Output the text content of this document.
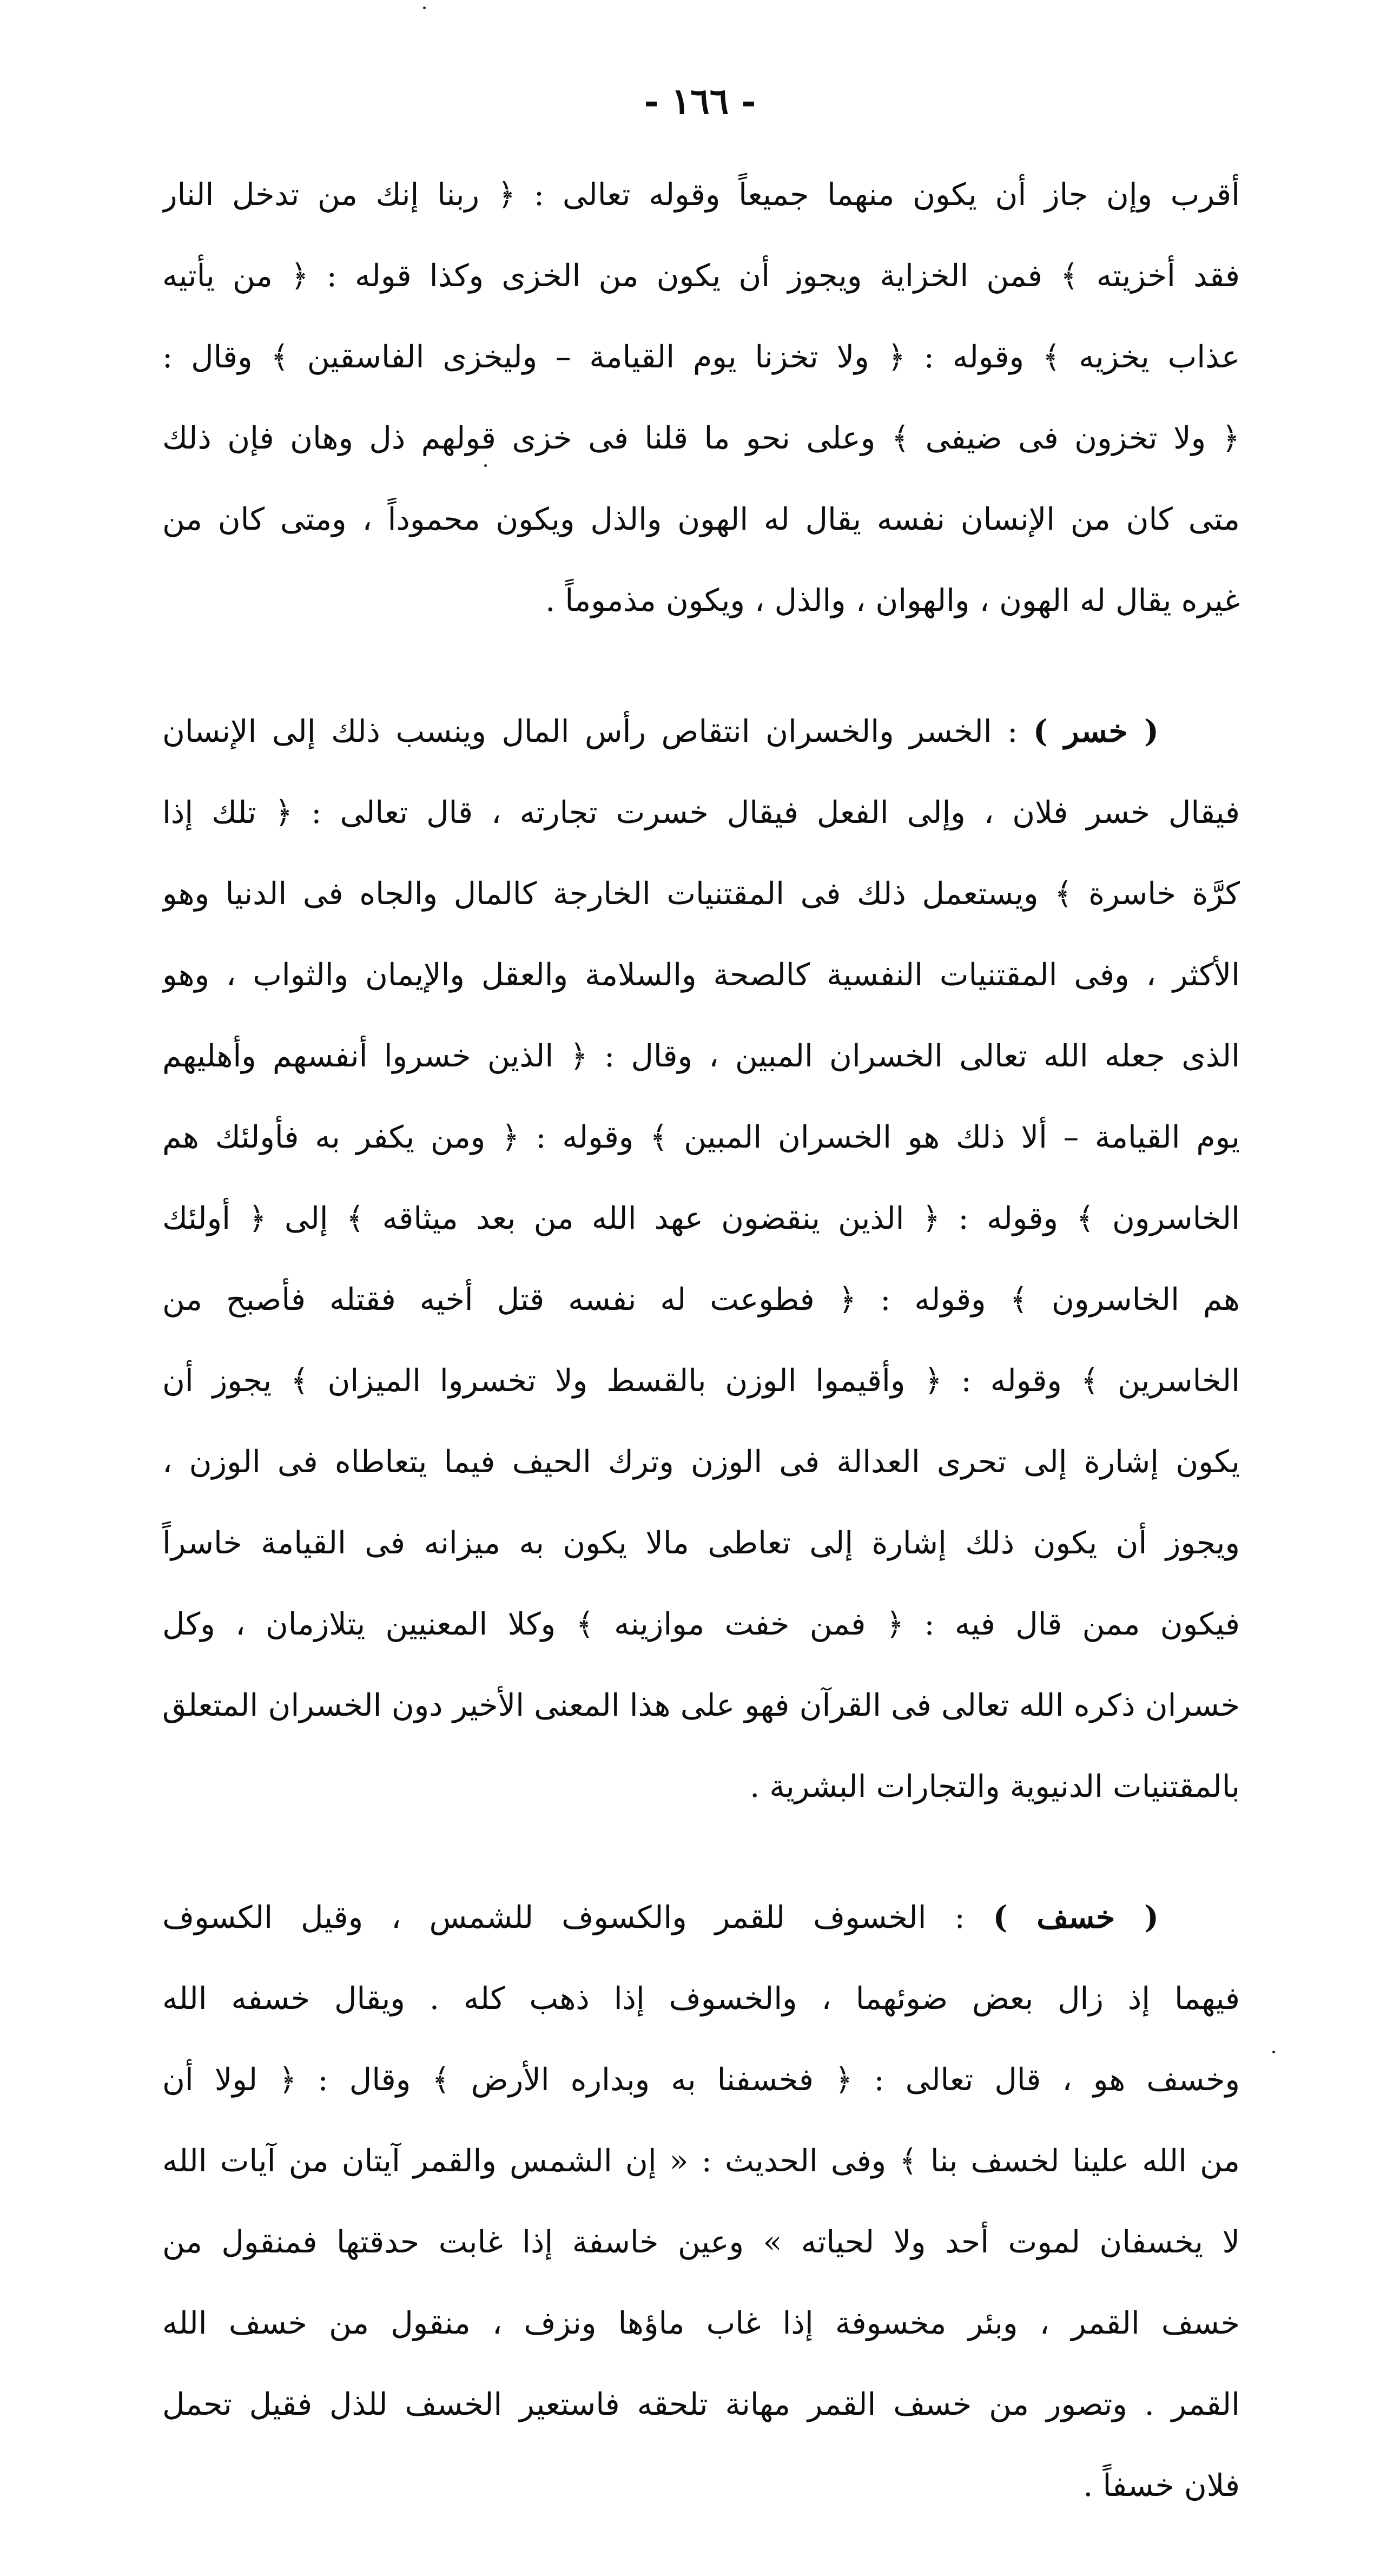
- ١٦٦ -
أقرب وإن جاز أن يكون منهما جميعاً وقوله تعالى : ﴿ ربنا إنك من تدخل النار
فقد أخزيته ﴾ فمن الخزاية ويجوز أن يكون من الخزى وكذا قوله : ﴿ من يأتيه
عذاب يخزيه ﴾ وقوله : ﴿ ولا تخزنا يوم القيامة – وليخزى الفاسقين ﴾ وقال :
﴿ ولا تخزون فى ضيفى ﴾ وعلى نحو ما قلنا فى خزى قولهم ذل وهان فإن ذلك
متى كان من الإنسان نفسه يقال له الهون والذل ويكون محموداً ، ومتى كان من
غيره يقال له الهون ، والهوان ، والذل ، ويكون مذموماً .
( خسر ) : الخسر والخسران انتقاص رأس المال وينسب ذلك إلى الإنسان
فيقال خسر فلان ، وإلى الفعل فيقال خسرت تجارته ، قال تعالى : ﴿ تلك إذا
كرَّة خاسرة ﴾ ويستعمل ذلك فى المقتنيات الخارجة كالمال والجاه فى الدنيا وهو
الأكثر ، وفى المقتنيات النفسية كالصحة والسلامة والعقل والإيمان والثواب ، وهو
الذى جعله الله تعالى الخسران المبين ، وقال : ﴿ الذين خسروا أنفسهم وأهليهم
يوم القيامة – ألا ذلك هو الخسران المبين ﴾ وقوله : ﴿ ومن يكفر به فأولئك هم
الخاسرون ﴾ وقوله : ﴿ الذين ينقضون عهد الله من بعد ميثاقه ﴾ إلى ﴿ أولئك
هم الخاسرون ﴾ وقوله : ﴿ فطوعت له نفسه قتل أخيه فقتله فأصبح من
الخاسرين ﴾ وقوله : ﴿ وأقيموا الوزن بالقسط ولا تخسروا الميزان ﴾ يجوز أن
يكون إشارة إلى تحرى العدالة فى الوزن وترك الحيف فيما يتعاطاه فى الوزن ،
ويجوز أن يكون ذلك إشارة إلى تعاطى مالا يكون به ميزانه فى القيامة خاسراً
فيكون ممن قال فيه : ﴿ فمن خفت موازينه ﴾ وكلا المعنيين يتلازمان ، وكل
خسران ذكره الله تعالى فى القرآن فهو على هذا المعنى الأخير دون الخسران المتعلق
بالمقتنيات الدنيوية والتجارات البشرية .
( خسف ) : الخسوف للقمر والكسوف للشمس ، وقيل الكسوف
فيهما إذ زال بعض ضوئهما ، والخسوف إذا ذهب كله . ويقال خسفه الله
وخسف هو ، قال تعالى : ﴿ فخسفنا به وبداره الأرض ﴾ وقال : ﴿ لولا أن
من الله علينا لخسف بنا ﴾ وفى الحديث : « إن الشمس والقمر آيتان من آيات الله
لا يخسفان لموت أحد ولا لحياته » وعين خاسفة إذا غابت حدقتها فمنقول من
خسف القمر ، وبئر مخسوفة إذا غاب ماؤها ونزف ، منقول من خسف الله
القمر . وتصور من خسف القمر مهانة تلحقه فاستعير الخسف للذل فقيل تحمل
فلان خسفاً .
